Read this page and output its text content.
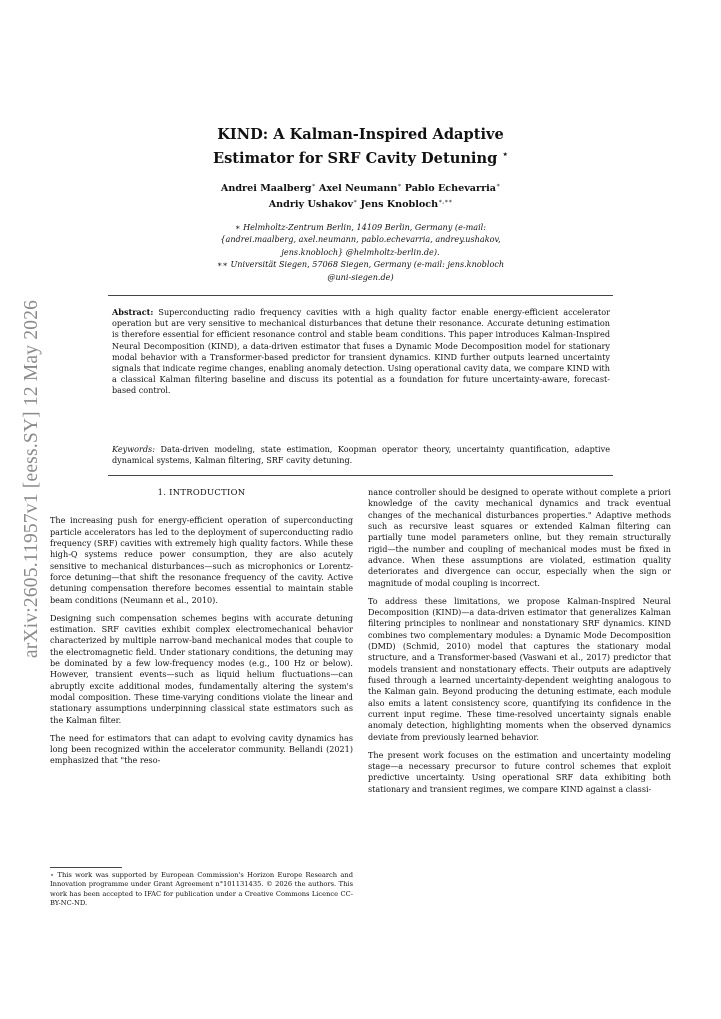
arXiv:2605.11957v1 [eess.SY] 12 May 2026
KIND: A Kalman-Inspired Adaptive
Estimator for SRF Cavity Detuning ⋆
Andrei Maalberg∗ Axel Neumann∗ Pablo Echevarria∗
Andriy Ushakov∗ Jens Knobloch∗,∗∗
∗ Helmholtz-Zentrum Berlin, 14109 Berlin, Germany (e-mail:
{andrei.maalberg, axel.neumann, pablo.echevarria, andrey.ushakov,
jens.knobloch} @helmholtz-berlin.de).
∗∗ Universität Siegen, 57068 Siegen, Germany (e-mail: jens.knobloch
@uni-siegen.de)
Abstract: Superconducting radio frequency cavities with a high quality factor enable energy-efficient accelerator operation but are very sensitive to mechanical disturbances that detune their resonance. Accurate detuning estimation is therefore essential for efficient resonance control and stable beam conditions. This paper introduces Kalman-Inspired Neural Decomposition (KIND), a data-driven estimator that fuses a Dynamic Mode Decomposition model for stationary modal behavior with a Transformer-based predictor for transient dynamics. KIND further outputs learned uncertainty signals that indicate regime changes, enabling anomaly detection. Using operational cavity data, we compare KIND with a classical Kalman filtering baseline and discuss its potential as a foundation for future uncertainty-aware, forecast-based control.
Keywords: Data-driven modeling, state estimation, Koopman operator theory, uncertainty quantification, adaptive dynamical systems, Kalman filtering, SRF cavity detuning.

1. INTRODUCTION

The increasing push for energy-efficient operation of superconducting particle accelerators has led to the deployment of superconducting radio frequency (SRF) cavities with extremely high quality factors. While these high-Q systems reduce power consumption, they are also acutely sensitive to mechanical disturbances—such as microphonics or Lorentz-force detuning—that shift the resonance frequency of the cavity. Active detuning compensation therefore becomes essential to maintain stable beam conditions (Neumann et al., 2010).

Designing such compensation schemes begins with accurate detuning estimation. SRF cavities exhibit complex electromechanical behavior characterized by multiple narrow-band mechanical modes that couple to the electromagnetic field. Under stationary conditions, the detuning may be dominated by a few low-frequency modes (e.g., 100 Hz or below). However, transient events—such as liquid helium fluctuations—can abruptly excite additional modes, fundamentally altering the system's modal composition. These time-varying conditions violate the linear and stationary assumptions underpinning classical state estimators such as the Kalman filter.

The need for estimators that can adapt to evolving cavity dynamics has long been recognized within the accelerator community. Bellandi (2021) emphasized that "the reso-

nance controller should be designed to operate without complete a priori knowledge of the cavity mechanical dynamics and track eventual changes of the mechanical disturbances properties." Adaptive methods such as recursive least squares or extended Kalman filtering can partially tune model parameters online, but they remain structurally rigid—the number and coupling of mechanical modes must be fixed in advance. When these assumptions are violated, estimation quality deteriorates and divergence can occur, especially when the sign or magnitude of modal coupling is incorrect.

To address these limitations, we propose Kalman-Inspired Neural Decomposition (KIND)—a data-driven estimator that generalizes Kalman filtering principles to nonlinear and nonstationary SRF dynamics. KIND combines two complementary modules: a Dynamic Mode Decomposition (DMD) (Schmid, 2010) model that captures the stationary modal structure, and a Transformer-based (Vaswani et al., 2017) predictor that models transient and nonstationary effects. Their outputs are adaptively fused through a learned uncertainty-dependent weighting analogous to the Kalman gain. Beyond producing the detuning estimate, each module also emits a latent consistency score, quantifying its confidence in the current input regime. These time-resolved uncertainty signals enable anomaly detection, highlighting moments when the observed dynamics deviate from previously learned behavior.

The present work focuses on the estimation and uncertainty modeling stage—a necessary precursor to future control schemes that exploit predictive uncertainty. Using operational SRF data exhibiting both stationary and transient regimes, we compare KIND against a classi-

⋆ This work was supported by European Commission's Horizon Europe Research and Innovation programme under Grant Agreement n°101131435. © 2026 the authors. This work has been accepted to IFAC for publication under a Creative Commons Licence CC-BY-NC-ND.
